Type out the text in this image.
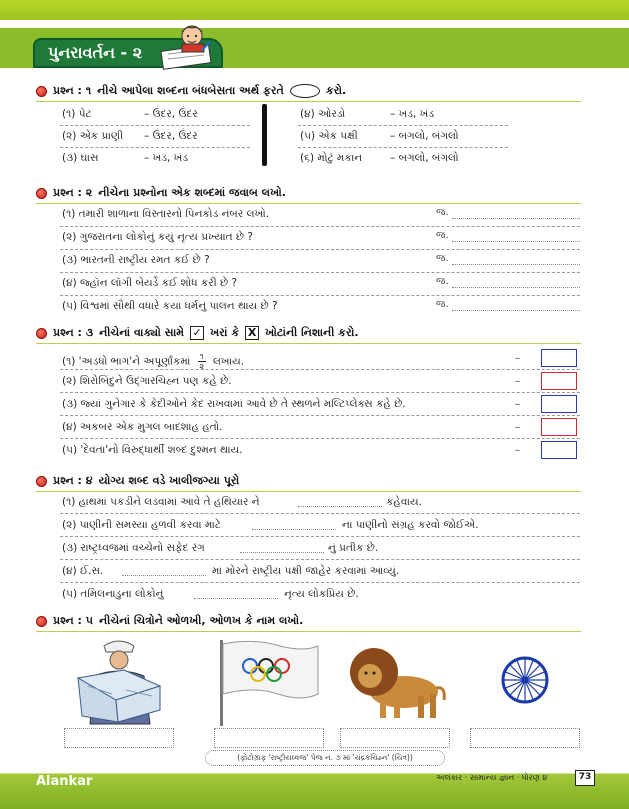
પુનરાવર્તન - ૨
પ્રશ્ન : ૧ નીચે આપેલા શબ્દના બંધબેસતા અર્થ ફરતે	કરો.
(૧) પેટ	– ઉંદર, ઉંદર
(૨) એક પ્રાણી – ઉંદર, ઉંદર
(૩) ઘાસ	– ખડ, ખંડ
(૪) ઓરડો	– ખડ, ખંડ
(૫) એક પક્ષી	– બગલો, બંગલો
(૬) મોટું મકાન	– બગલો, બંગલો
પ્રશ્ન : ૨ નીચેના પ્રશ્નોના એક શબ્દમાં જવાબ લખો.
(૧) તમારી શાળાના વિસ્તારનો પિનકોડ નંબર લખો.	જ.
(૨) ગુજરાતના લોકોનું કયું નૃત્ય પ્રખ્યાત છે ?	જ.
(૩) ભારતની રાષ્ટ્રીય રમત કઈ છે ?	જ.
(૪) જ્હૉન લૉગી બેયર્ડે કઈ શોધ કરી છે ?	જ.
(૫) વિશ્વમાં સૌથી વધારે કયા ધર્મનું પાલન થાય છે ?	જ.
પ્રશ્ન : ૩ નીચેનાં વાક્યો સામે ✓ ખરાં કે X ખોટાંની નિશાની કરો.
(૧) 'અડધો ભાગ'ને અપૂર્ણાંકમાં $\frac{૧}{૨}$ લખાય.	–
(૨) શિરોબિંદુને ઉદ્ગારચિહ્ન પણ કહે છે.	–
(૩) જ્યાં ગુનેગાર કે કેદીઓને કેદ રાખવામાં આવે છે તે સ્થળને મલ્ટિપ્લેક્સ કહે છે.	–
(૪) અકબર એક મુગલ બાદશાહ હતો.	–
(૫) 'દેવતા'નો વિરુદ્ધાર્થી શબ્દ દુશ્મન થાય.	–
પ્રશ્ન : ૪ યોગ્ય શબ્દ વડે ખાલીજગ્યા પૂરો
(૧) હાથમાં પકડીને લડવામાં આવે તે હથિયાર ને	કહેવાય.
(૨) પાણીની સમસ્યા હળવી કરવા માટે	ના પાણીનો સંગ્રહ કરવો જોઈએ.
(૩) રાષ્ટ્રધ્વજમાં વચ્ચેનો સફેદ રંગ	નું પ્રતીક છે.
(૪) ઈ.સ.	માં મોરને રાષ્ટ્રીય પક્ષી જાહેર કરવામાં આવ્યું.
(૫) તમિલનાડુના લોકોનું	નૃત્ય લોકપ્રિય છે.
પ્રશ્ન : ૫ નીચેનાં ચિત્રોને ઓળખી, ઓળખ કે નામ લખો.
(ફોટોગ્રાફ 'રાષ્ટ્રીયધ્વજ' પેજ નં. ૭ માં 'ચંદ્રકચિહ્ન' (ચિત્ર))
Alankar	અલંકાર · સામાન્ય જ્ઞાન · ધોરણ ૪	73
